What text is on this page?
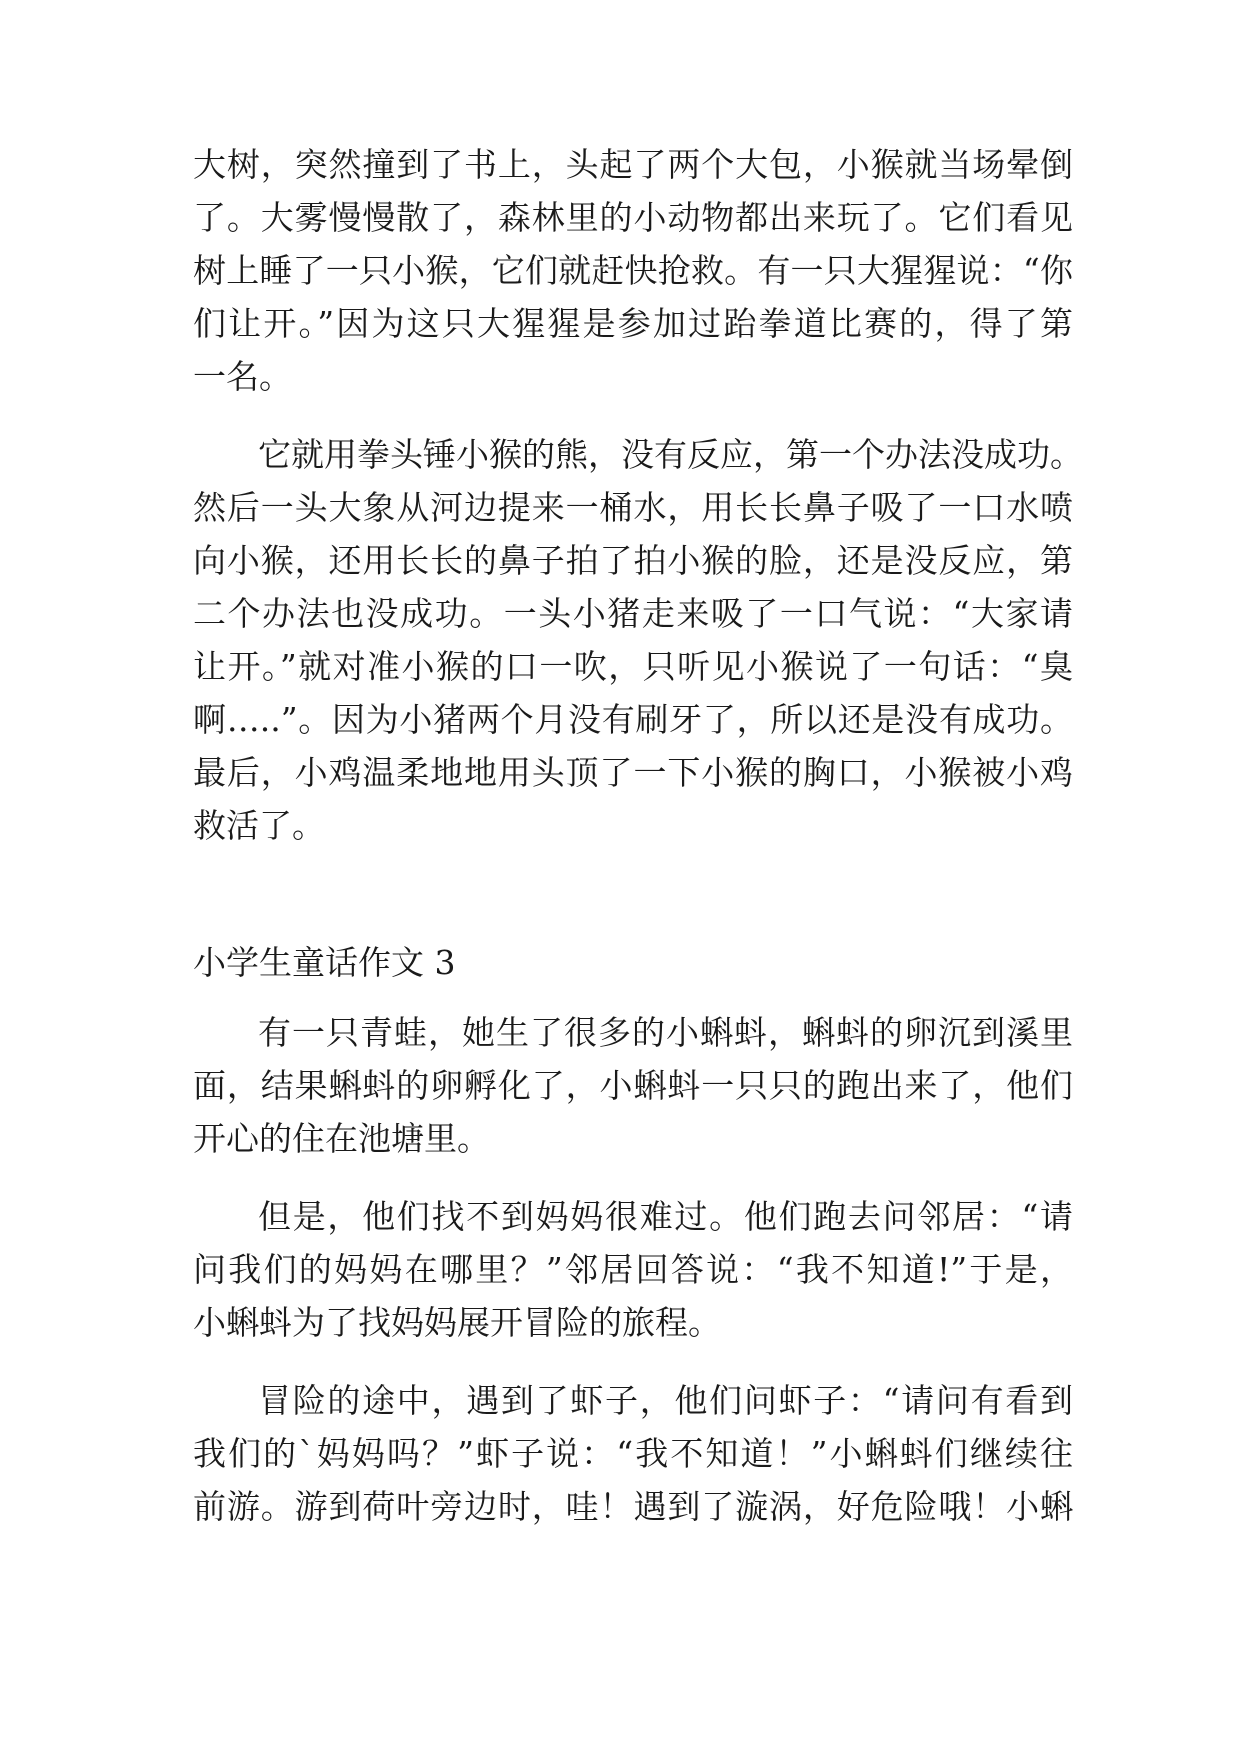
大树，突然撞到了书上，头起了两个大包，小猴就当场晕倒
了。大雾慢慢散了，森林里的小动物都出来玩了。它们看见
树上睡了一只小猴，它们就赶快抢救。有一只大猩猩说：“你
们让开。”因为这只大猩猩是参加过跆拳道比赛的，得了第
一名。
它就用拳头锤小猴的熊，没有反应，第一个办法没成功。
然后一头大象从河边提来一桶水，用长长鼻子吸了一口水喷
向小猴，还用长长的鼻子拍了拍小猴的脸，还是没反应，第
二个办法也没成功。一头小猪走来吸了一口气说：“大家请
让开。”就对准小猴的口一吹，只听见小猴说了一句话：“臭
啊…..”。因为小猪两个月没有刷牙了，所以还是没有成功。
最后，小鸡温柔地地用头顶了一下小猴的胸口，小猴被小鸡
救活了。
小学生童话作文 3
有一只青蛙，她生了很多的小蝌蚪，蝌蚪的卵沉到溪里
面，结果蝌蚪的卵孵化了，小蝌蚪一只只的跑出来了，他们
开心的住在池塘里。
但是，他们找不到妈妈很难过。他们跑去问邻居：“请
问我们的妈妈在哪里？”邻居回答说：“我不知道!”于是，
小蝌蚪为了找妈妈展开冒险的旅程。
冒险的途中，遇到了虾子，他们问虾子：“请问有看到
我们的`妈妈吗？”虾子说：“我不知道！”小蝌蚪们继续往
前游。游到荷叶旁边时，哇！遇到了漩涡，好危险哦！小蝌
